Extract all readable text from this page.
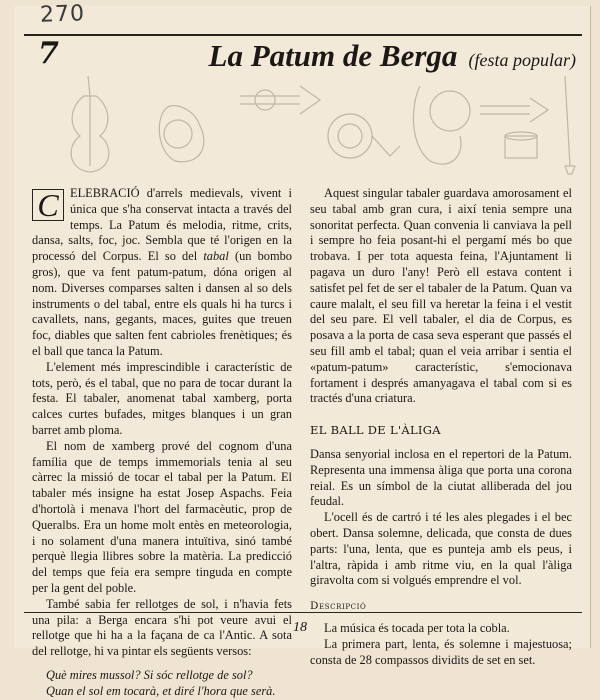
270
7	La Patum de Berga (festa popular)

C ELEBRACIÓ d'arrels medievals, vivent i única que s'ha conservat intacta a través del temps. La Patum és melodia, ritme, crits, dansa, salts, foc, joc. Sembla que té l'origen en la processó del Corpus. El so del tabal (un bombo gros), que va fent patum-patum, dóna origen al nom. Diverses comparses salten i dansen al so dels instruments o del tabal, entre els quals hi ha turcs i cavallets, nans, gegants, maces, guites que treuen foc, diables que salten fent cabrioles frenètiques; és el ball que tanca la Patum.

L'element més imprescindible i característic de tots, però, és el tabal, que no para de tocar durant la festa. El tabaler, anomenat tabal xamberg, porta calces curtes bufades, mitges blanques i un gran barret amb ploma.

El nom de xamberg prové del cognom d'una família que de temps immemorials tenia al seu càrrec la missió de tocar el tabal per la Patum. El tabaler més insigne ha estat Josep Aspachs. Feia d'hortolà i menava l'hort del farmacèutic, prop de Queralbs. Era un home molt entès en meteorologia, i no solament d'una manera intuïtiva, sinó també perquè llegia llibres sobre la matèria. La predicció del temps que feia era sempre tinguda en compte per la gent del poble.

També sabia fer rellotges de sol, i n'havia fets una pila: a Berga encara s'hi pot veure avui el rellotge que hi ha a la façana de ca l'Antic. A sota del rellotge, hi va pintar els següents versos:

Què mires mussol? Si sóc rellotge de sol?
Quan el sol em tocarà, et diré l'hora que serà.

Aquest singular tabaler guardava amorosament el seu tabal amb gran cura, i així tenia sempre una sonoritat perfecta. Quan convenia li canviava la pell i sempre ho feia posant-hi el pergamí més bo que trobava. I per tota aquesta feina, l'Ajuntament li pagava un duro l'any! Però ell estava content i satisfet pel fet de ser el tabaler de la Patum. Quan va caure malalt, el seu fill va heretar la feina i el vestit del seu pare. El vell tabaler, el dia de Corpus, es posava a la porta de casa seva esperant que passés el seu fill amb el tabal; quan el veia arribar i sentia el «patum-patum» característic, s'emocionava fortament i després amanyagava el tabal com si es tractés d'una criatura.

EL BALL DE L'ÀLIGA

Dansa senyorial inclosa en el repertori de la Patum. Representa una immensa àliga que porta una corona reial. Es un símbol de la ciutat alliberada del jou feudal.

L'ocell és de cartró i té les ales plegades i el bec obert. Dansa solemne, delicada, que consta de dues parts: l'una, lenta, que es punteja amb els peus, i l'altra, ràpida i amb ritme viu, en la qual l'àliga giravolta com si volgués emprendre el vol.

Descripció

La música és tocada per tota la cobla.

La primera part, lenta, és solemne i majestuosa; consta de 28 compassos dividits de set en set.

18
